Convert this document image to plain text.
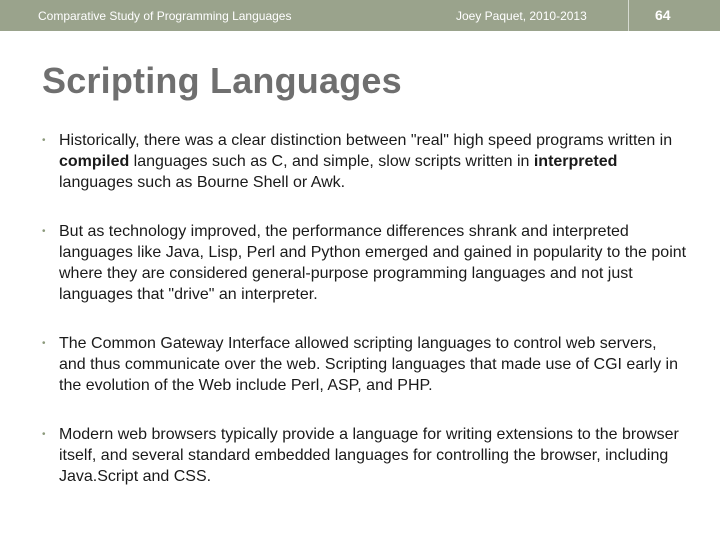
Comparative Study of Programming Languages	Joey Paquet, 2010-2013	64
Scripting Languages
• Historically, there was a clear distinction between "real" high speed programs written in compiled languages such as C, and simple, slow scripts written in interpreted languages such as Bourne Shell or Awk.
• But as technology improved, the performance differences shrank and interpreted languages like Java, Lisp, Perl and Python emerged and gained in popularity to the point where they are considered general-purpose programming languages and not just languages that "drive" an interpreter.
• The Common Gateway Interface allowed scripting languages to control web servers, and thus communicate over the web. Scripting languages that made use of CGI early in the evolution of the Web include Perl, ASP, and PHP.
• Modern web browsers typically provide a language for writing extensions to the browser itself, and several standard embedded languages for controlling the browser, including Java.Script and CSS.
